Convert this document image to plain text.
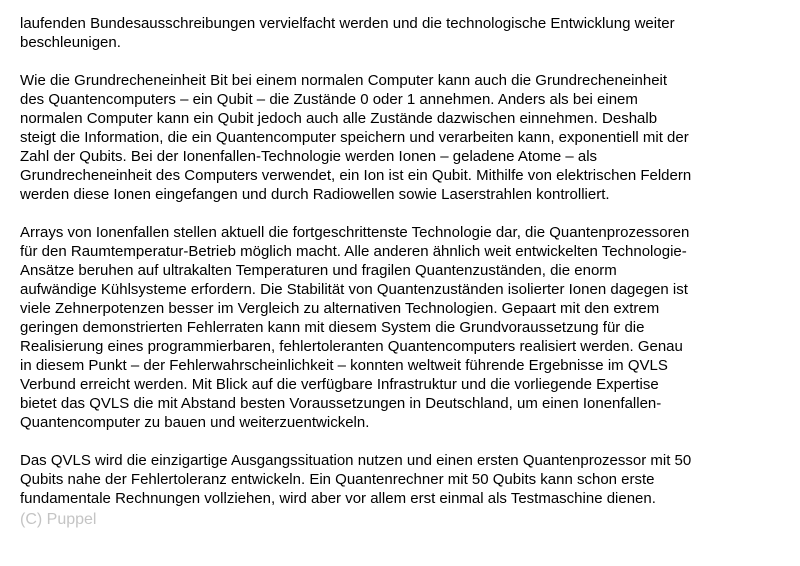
laufenden Bundesausschreibungen vervielfacht werden und die technologische Entwicklung weiter
beschleunigen.

Wie die Grundrecheneinheit Bit bei einem normalen Computer kann auch die Grundrecheneinheit
des Quantencomputers – ein Qubit – die Zustände 0 oder 1 annehmen. Anders als bei einem
normalen Computer kann ein Qubit jedoch auch alle Zustände dazwischen einnehmen. Deshalb
steigt die Information, die ein Quantencomputer speichern und verarbeiten kann, exponentiell mit der
Zahl der Qubits. Bei der Ionenfallen-Technologie werden Ionen – geladene Atome – als
Grundrecheneinheit des Computers verwendet, ein Ion ist ein Qubit. Mithilfe von elektrischen Feldern
werden diese Ionen eingefangen und durch Radiowellen sowie Laserstrahlen kontrolliert.

Arrays von Ionenfallen stellen aktuell die fortgeschrittenste Technologie dar, die Quantenprozessoren
für den Raumtemperatur-Betrieb möglich macht. Alle anderen ähnlich weit entwickelten Technologie-
Ansätze beruhen auf ultrakalten Temperaturen und fragilen Quantenzuständen, die enorm
aufwändige Kühlsysteme erfordern. Die Stabilität von Quantenzuständen isolierter Ionen dagegen ist
viele Zehnerpotenzen besser im Vergleich zu alternativen Technologien. Gepaart mit den extrem
geringen demonstrierten Fehlerraten kann mit diesem System die Grundvoraussetzung für die
Realisierung eines programmierbaren, fehlertoleranten Quantencomputers realisiert werden. Genau
in diesem Punkt – der Fehlerwahrscheinlichkeit – konnten weltweit führende Ergebnisse im QVLS
Verbund erreicht werden. Mit Blick auf die verfügbare Infrastruktur und die vorliegende Expertise
bietet das QVLS die mit Abstand besten Voraussetzungen in Deutschland, um einen Ionenfallen-
Quantencomputer zu bauen und weiterzuentwickeln.

Das QVLS wird die einzigartige Ausgangssituation nutzen und einen ersten Quantenprozessor mit 50
Qubits nahe der Fehlertoleranz entwickeln. Ein Quantenrechner mit 50 Qubits kann schon erste
fundamentale Rechnungen vollziehen, wird aber vor allem erst einmal als Testmaschine dienen.

(C) Puppel
